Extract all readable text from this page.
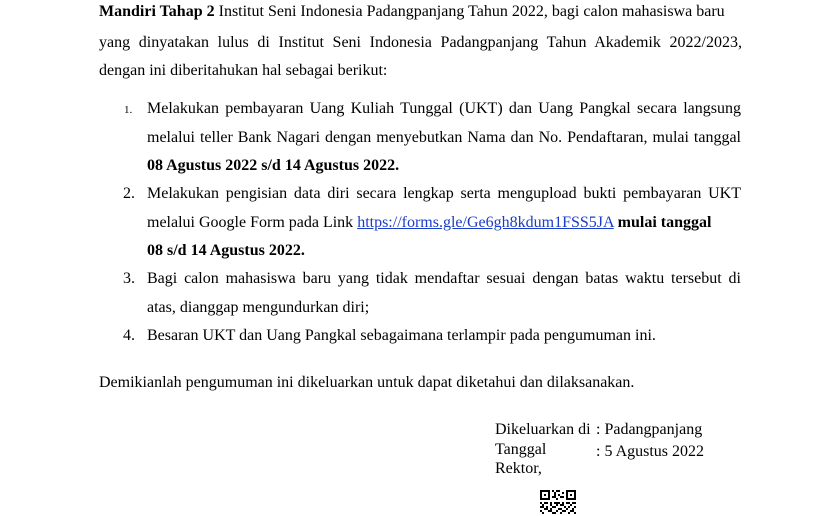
Mandiri Tahap 2 Institut Seni Indonesia Padangpanjang Tahun 2022, bagi calon mahasiswa baru
yang dinyatakan lulus di Institut Seni Indonesia Padangpanjang Tahun Akademik 2022/2023,
dengan ini diberitahukan hal sebagai berikut:
1. Melakukan pembayaran Uang Kuliah Tunggal (UKT) dan Uang Pangkal secara langsung
melalui teller Bank Nagari dengan menyebutkan Nama dan No. Pendaftaran, mulai tanggal
08 Agustus 2022 s/d 14 Agustus 2022.
2. Melakukan pengisian data diri secara lengkap serta mengupload bukti pembayaran UKT
melalui Google Form pada Link https://forms.gle/Ge6gh8kdum1FSS5JA mulai tanggal
08 s/d 14 Agustus 2022.
3. Bagi calon mahasiswa baru yang tidak mendaftar sesuai dengan batas waktu tersebut di
atas, dianggap mengundurkan diri;
4. Besaran UKT dan Uang Pangkal sebagaimana terlampir pada pengumuman ini.
Demikianlah pengumuman ini dikeluarkan untuk dapat diketahui dan dilaksanakan.
Dikeluarkan di : Padangpanjang
Tanggal	: 5 Agustus 2022
Rektor,
